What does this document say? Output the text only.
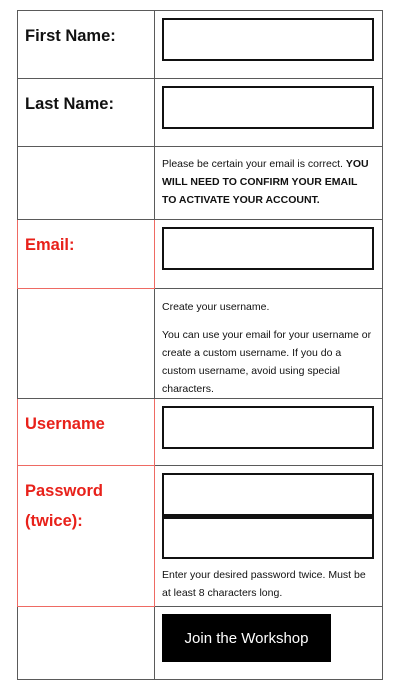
First Name:	

Last Name:	

	Please be certain your email is correct. YOU WILL NEED TO CONFIRM YOUR EMAIL TO ACTIVATE YOUR ACCOUNT.

Email:	

	Create your username.

You can use your email for your username or create a custom username. If you do a custom username, avoid using special characters.

Username	

Password (twice):	Enter your desired password twice. Must be at least 8 characters long.

	Join the Workshop
